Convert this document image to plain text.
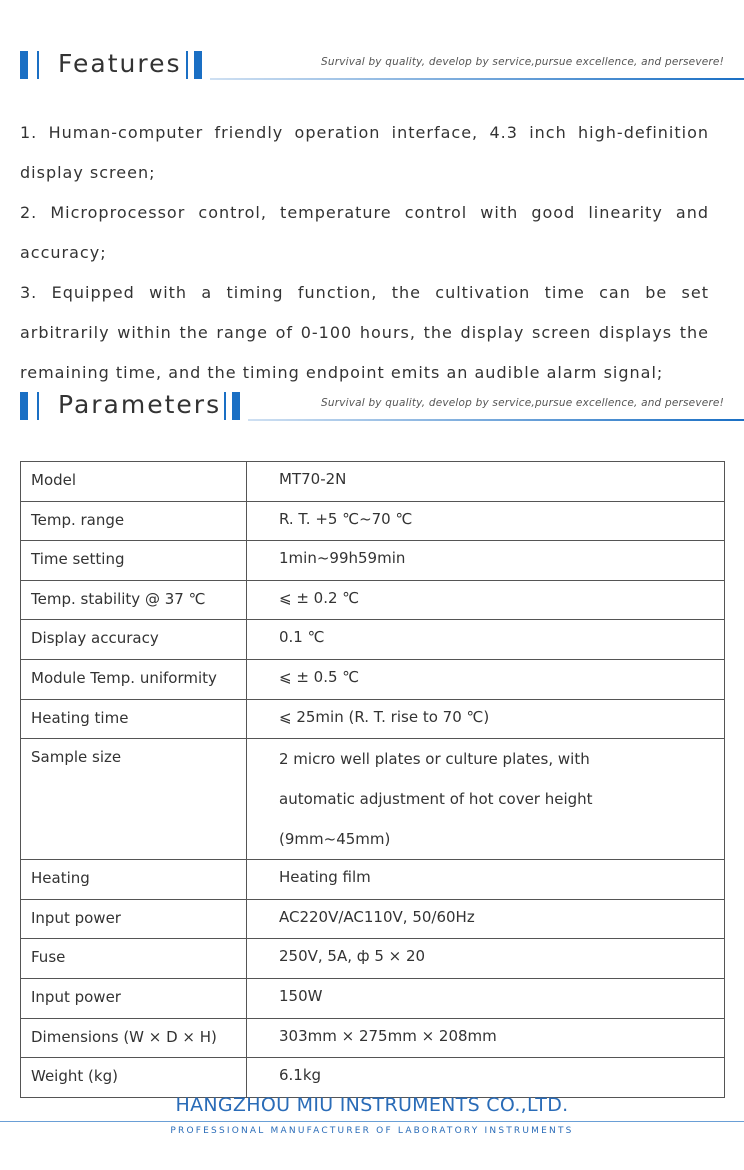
Features	Survival by quality, develop by service,pursue excellence, and persevere!

1. Human-computer friendly operation interface, 4.3 inch high-definition display screen;

2. Microprocessor control, temperature control with good linearity and accuracy;

3. Equipped with a timing function, the cultivation time can be set arbitrarily within the range of 0-100 hours, the display screen displays the remaining time, and the timing endpoint emits an audible alarm signal;

Parameters	Survival by quality, develop by service,pursue excellence, and persevere!
Model	MT70-2N
Temp. range	R. T. +5 ℃~70 ℃
Time setting	1min~99h59min
Temp. stability @ 37 ℃	⩽ ± 0.2 ℃
Display accuracy	0.1 ℃
Module Temp. uniformity	⩽ ± 0.5 ℃
Heating time	⩽ 25min (R. T. rise to 70 ℃)
Sample size	2 micro well plates or culture plates, with automatic adjustment of hot cover height (9mm~45mm)
Heating	Heating film
Input power	AC220V/AC110V, 50/60Hz
Fuse	250V, 5A, ф 5 × 20
Input power	150W
Dimensions (W × D × H)	303mm × 275mm × 208mm
Weight (kg)	6.1kg
HANGZHOU MIU INSTRUMENTS CO.,LTD.
PROFESSIONAL MANUFACTURER OF LABORATORY INSTRUMENTS
